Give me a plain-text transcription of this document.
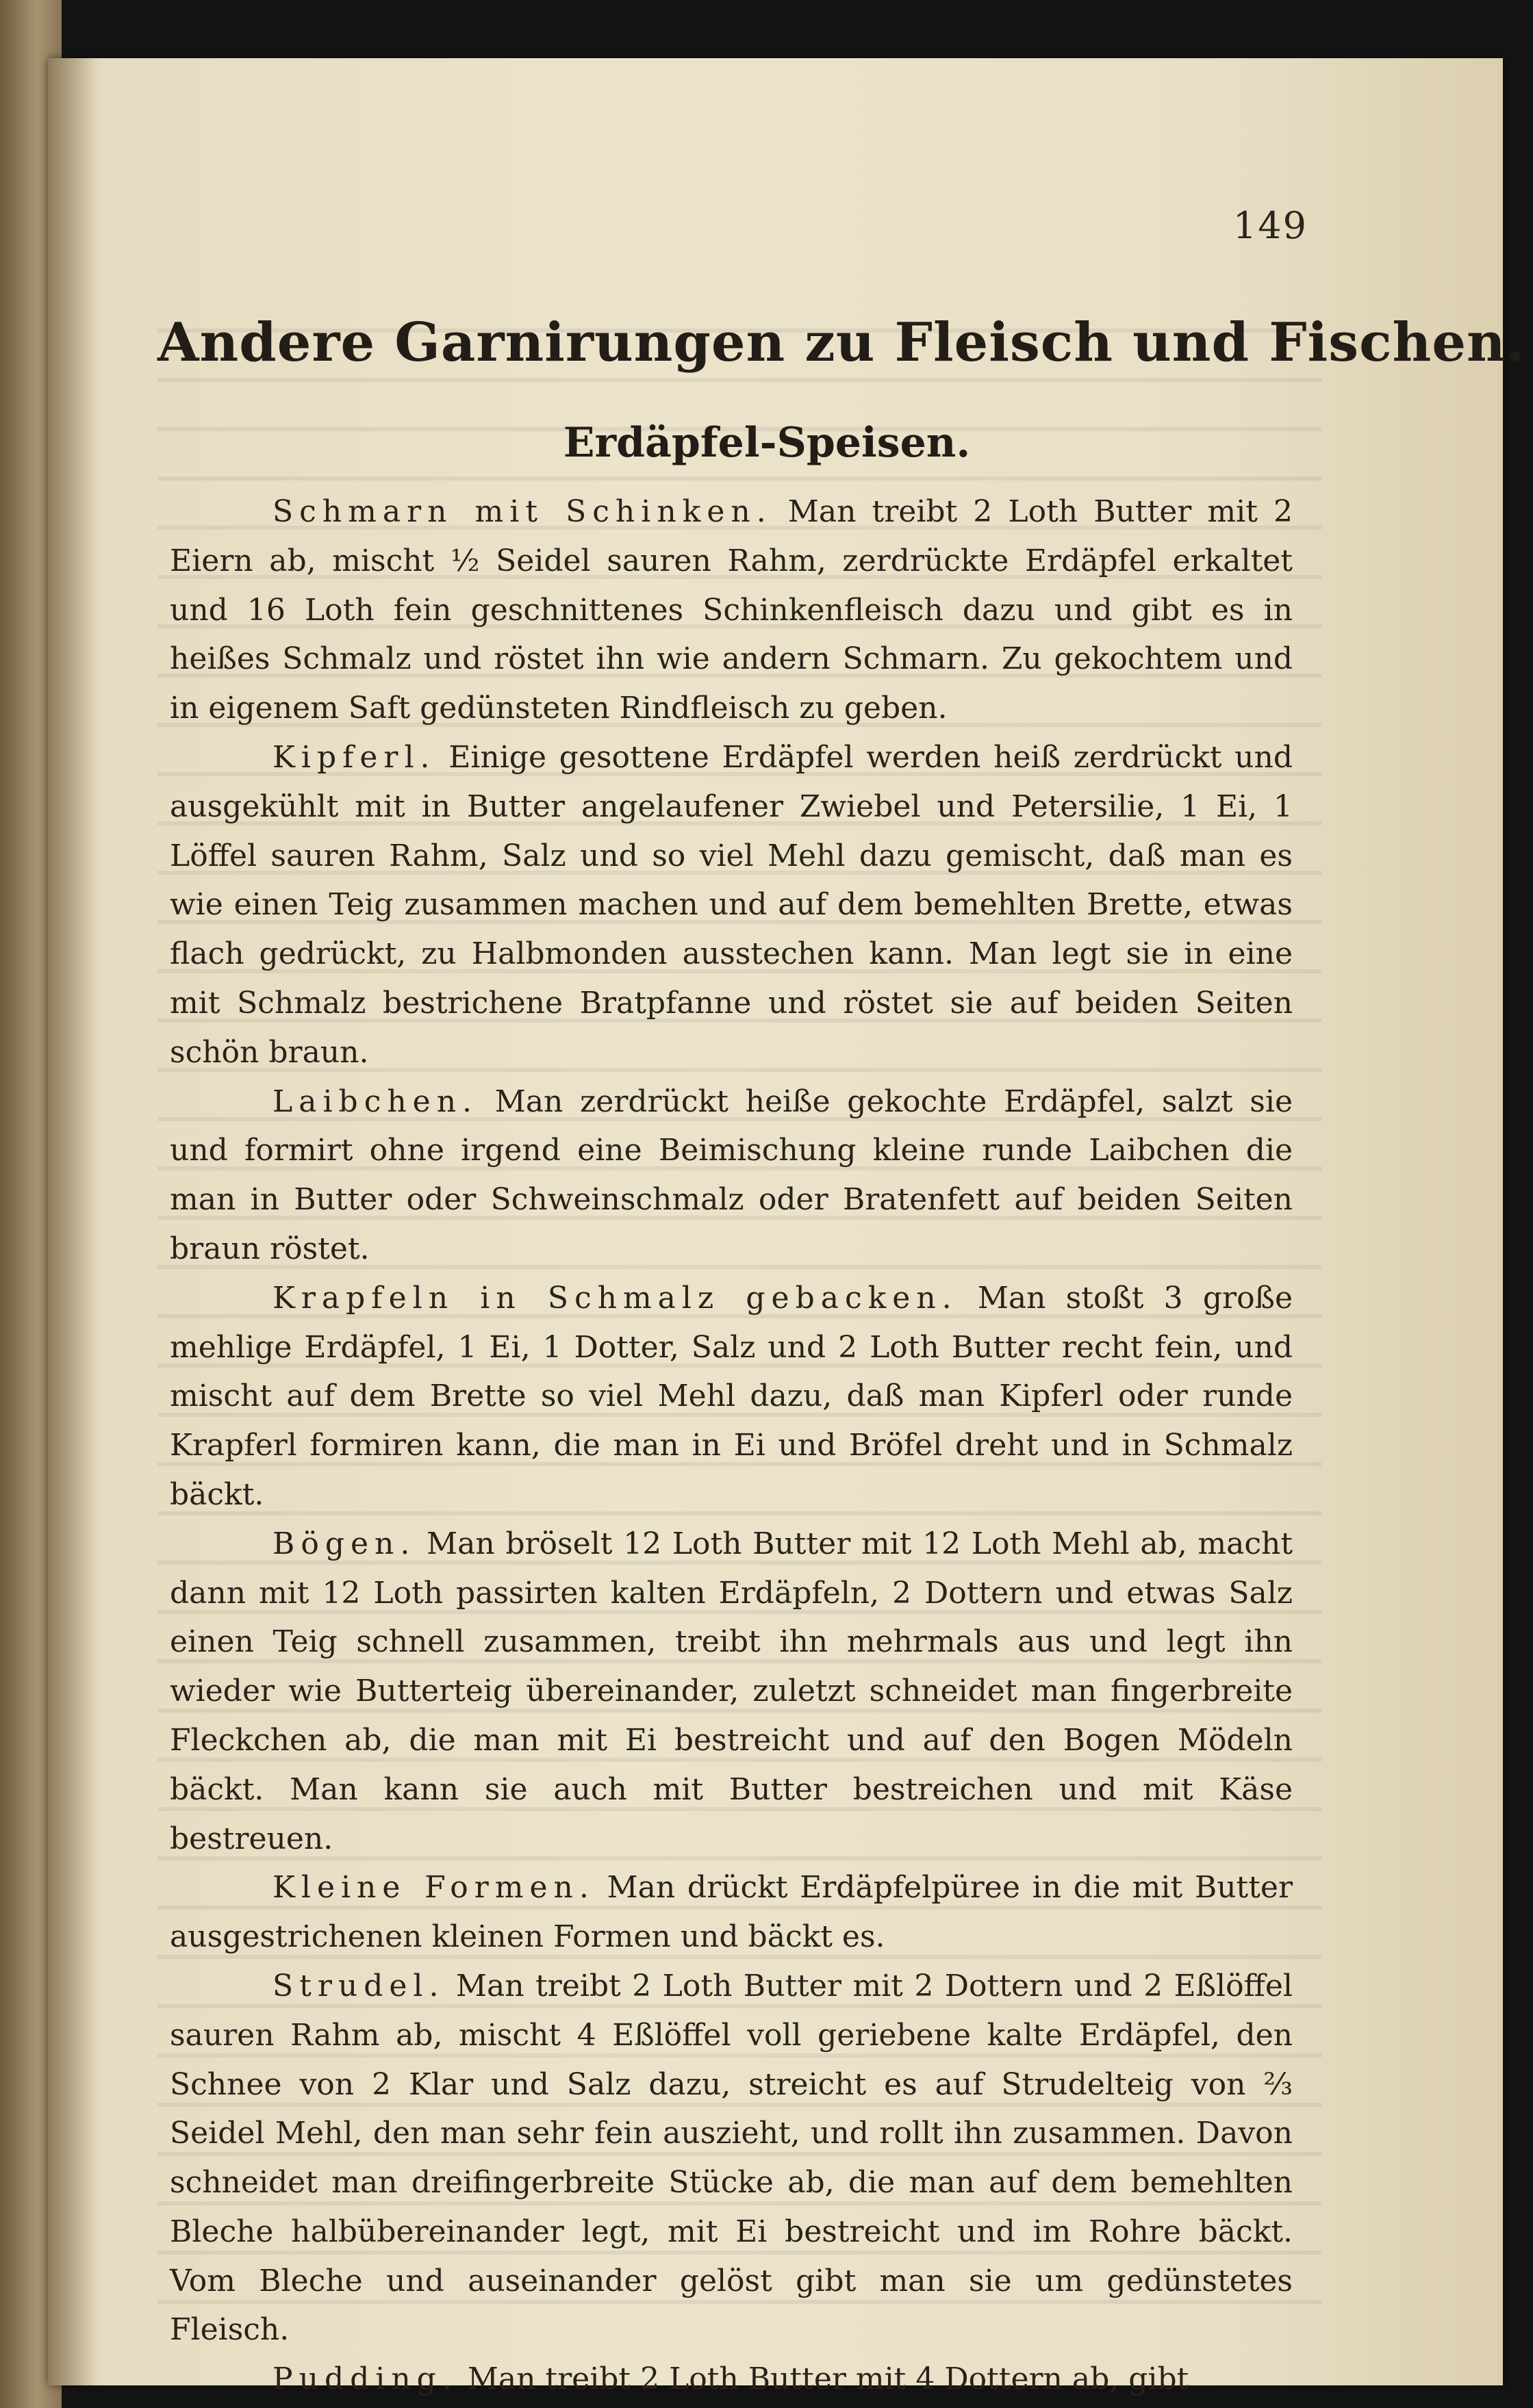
149
Andere Garnirungen zu Fleisch und Fischen.
Erdäpfel-Speisen.

Schmarn mit Schinken. Man treibt 2 Loth Butter mit 2 Eiern ab, mischt ½ Seidel sauren Rahm, zerdrückte Erdäpfel erkaltet und 16 Loth fein geschnittenes Schinkenfleisch dazu und gibt es in heißes Schmalz und röstet ihn wie andern Schmarn. Zu gekochtem und in eigenem Saft gedünsteten Rindfleisch zu geben.

Kipferl. Einige gesottene Erdäpfel werden heiß zerdrückt und ausgekühlt mit in Butter angelaufener Zwiebel und Petersilie, 1 Ei, 1 Löffel sauren Rahm, Salz und so viel Mehl dazu gemischt, daß man es wie einen Teig zusammen machen und auf dem bemehlten Brette, etwas flach gedrückt, zu Halbmonden ausstechen kann. Man legt sie in eine mit Schmalz bestrichene Bratpfanne und röstet sie auf beiden Seiten schön braun.

Laibchen. Man zerdrückt heiße gekochte Erdäpfel, salzt sie und formirt ohne irgend eine Beimischung kleine runde Laibchen die man in Butter oder Schweinschmalz oder Bratenfett auf beiden Seiten braun röstet.

Krapfeln in Schmalz gebacken. Man stoßt 3 große mehlige Erdäpfel, 1 Ei, 1 Dotter, Salz und 2 Loth Butter recht fein, und mischt auf dem Brette so viel Mehl dazu, daß man Kipferl oder runde Krapferl formiren kann, die man in Ei und Bröfel dreht und in Schmalz bäckt.

Bögen. Man bröselt 12 Loth Butter mit 12 Loth Mehl ab, macht dann mit 12 Loth passirten kalten Erdäpfeln, 2 Dottern und etwas Salz einen Teig schnell zusammen, treibt ihn mehrmals aus und legt ihn wieder wie Butterteig übereinander, zuletzt schneidet man fingerbreite Fleckchen ab, die man mit Ei bestreicht und auf den Bogen Mödeln bäckt. Man kann sie auch mit Butter bestreichen und mit Käse bestreuen.

Kleine Formen. Man drückt Erdäpfelpüree in die mit Butter ausgestrichenen kleinen Formen und bäckt es.

Strudel. Man treibt 2 Loth Butter mit 2 Dottern und 2 Eßlöffel sauren Rahm ab, mischt 4 Eßlöffel voll geriebene kalte Erdäpfel, den Schnee von 2 Klar und Salz dazu, streicht es auf Strudelteig von ⅔ Seidel Mehl, den man sehr fein auszieht, und rollt ihn zusammen. Davon schneidet man dreifingerbreite Stücke ab, die man auf dem bemehlten Bleche halbübereinander legt, mit Ei bestreicht und im Rohre bäckt. Vom Bleche und auseinander gelöst gibt man sie um gedünstetes Fleisch.

Pudding. Man treibt 2 Loth Butter mit 4 Dottern ab, gibt
